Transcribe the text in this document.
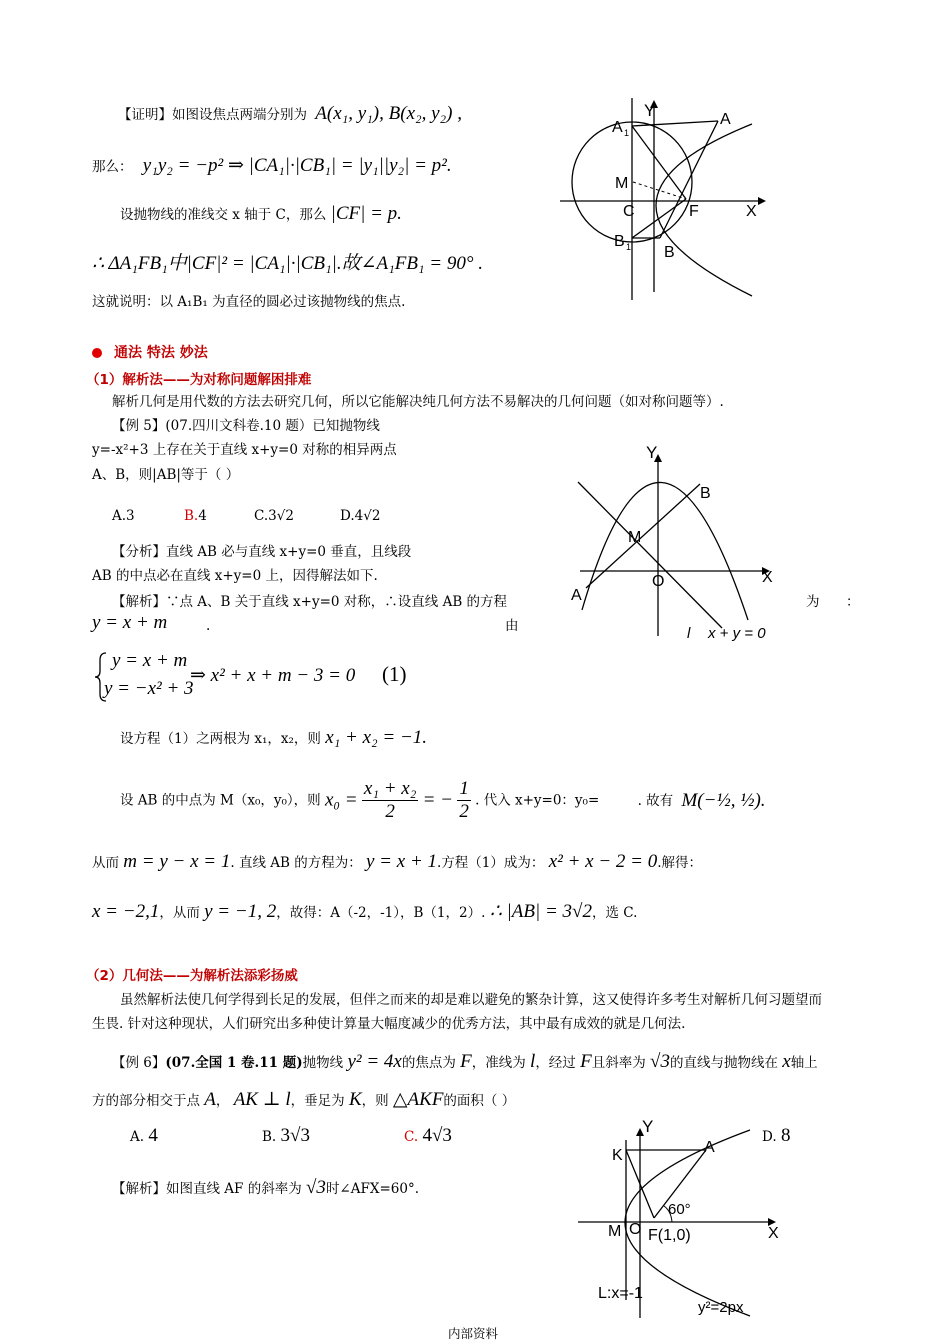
【证明】如图设焦点两端分别为 A(x₁, y₁), B(x₂, y₂) ,
那么： y₁y₂ = −p² ⇒ |CA₁|·|CB₁| = |y₁||y₂| = p².
设抛物线的准线交 x 轴于 C，那么 |CF| = p.
∴ ΔA₁FB₁中|CF|² = |CA₁|·|CB₁|.故∠A₁FB₁ = 90° .
这就说明：以 A₁B₁ 为直径的圆必过该抛物线的焦点.
Y
A 1
A
M
C	F	X
B 1 B
通法 特法 妙法
（1）解析法——为对称问题解困排难
解析几何是用代数的方法去研究几何，所以它能解决纯几何方法不易解决的几何问题（如对称问题等）.
【例 5】(07.四川文科卷.10 题）已知抛物线
y=-x²+3 上存在关于直线 x+y=0 对称的相异两点
A、B，则|AB|等于（ ）
A.3	B.4	C.3√2	D.4√2
【分析】直线 AB 必与直线 x+y=0 垂直，且线段
AB 的中点必在直线 x+y=0 上，因得解法如下.
【解析】∵点 A、B 关于直线 x+y=0 对称，∴设直线 AB 的方程	为 ：
y = x + m	.	由
y = x + m
y = −x² + 3
⇒ x² + x + m − 3 = 0 (1)
设方程（1）之两根为 x₁，x₂，则 x₁ + x₂ = −1.
设 AB 的中点为 M（x₀，y₀），则 $x_0 = \frac{\text{x₁ + x₂}}{2}$ = − $\frac{1}{2}$ . 代入 x+y=0：y₀=	. 故有 M(−½, ½).
从而 m = y − x = 1. 直线 AB 的方程为： y = x + 1.方程（1）成为： x² + x − 2 = 0.解得：
x = −2,1，从而 y = −1, 2，故得：A（-2，-1），B（1，2）. ∴ |AB| = 3√2，选 C.
Y
B
M
X
O
A
l x + y = 0
（2）几何法——为解析法添彩扬威
虽然解析法使几何学得到长足的发展，但伴之而来的却是难以避免的繁杂计算，这又使得许多考生对解析几何习题望而
生畏. 针对这种现状，人们研究出多种使计算量大幅度减少的优秀方法，其中最有成效的就是几何法.
【例 6】(07.全国 1 卷.11 题)抛物线 y² = 4x的焦点为 F，准线为 l，经过 F且斜率为 √3的直线与抛物线在 x轴上
方的部分相交于点 A， AK ⊥ l，垂足为 K，则 △AKF的面积（ ）
A. 4	B. 3√3	C. 4√3	D. 8
【解析】如图直线 AF 的斜率为 √3时∠AFX=60°.
Y
K	A
60°
M O F(1,0)	X
L:x=-1
y²=2px
内部资料
